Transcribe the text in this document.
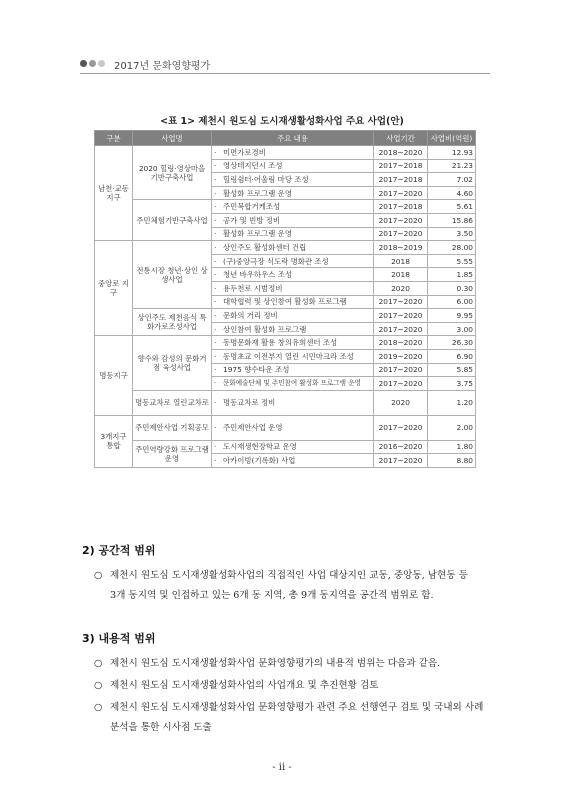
2017년 문화영향평가
<표 1> 제천시 원도심 도시재생활성화사업 주요 사업(안)
구분	사업명	주요 내용	사업기간	사업비(억원)
남천·교동 지구	2020 힐링·영상마을 기반구축사업	· 미면가로경비	2018~2020	12.93
		· 영상테지던시 조성	2017~2018	21.23
		· 힐링쉼터·어울림 마당 조성	2017~2018	7.02
		· 활성화 프로그램 운영	2017~2020	4.60
	주민체험기반구축사업	· 주민복합거케조성	2017~2018	5.61
		· 공가 및 빈방 정비	2017~2020	15.86
		· 활성화 프로그램 운영	2017~2020	3.50
중앙로 지구	전통시장 청년·상인 상생사업	· 상인주도 활성화센터 건립	2018~2019	28.00
		· (구)중앙극장 식도락 명화관 조성	2018	5.55
		· 청년 바우하우스 조성	2018	1.85
		· 용두천로 시범정비	2020	0.30
		· 대학협력 및 상인참여 활성화 프로그램	2017~2020	6.00
	상인주도 제천음식 특화가로조성사업	· 문화의 거리 정비	2017~2020	9.95
		· 상인참여 활성화 프로그램	2017~2020	3.00
명동지구	향수와 감성의 문화거점 육성사업	· 동명문화재 활용 창의유희센터 조성	2018~2020	26.30
		· 동명초교 이전부지 열린 시민마크라 조성	2019~2020	6.90
		· 1975 향수타운 조성	2017~2020	5.85
		· 문화예술단체 및 주민참여 활성화 프로그램 운영	2017~2020	3.75
	명동교차로 열린교차로	· 명동교차로 정비	2020	1.20
3개지구 통합	주민제안사업 기획공모	· 주민제안사업 운영	2017~2020	2.00
	주민역량강화 프로그램 운영	· 도시재생현장학교 운영	2016~2020	1.80
		· 아카이빙(기록화) 사업	2017~2020	8.80
2) 공간적 범위
○ 제천시 원도심 도시재생활성화사업의 직접적인 사업 대상지인 교동, 중앙동, 남현동 등
3개 동지역 및 인접하고 있는 6개 동 지역, 총 9개 동지역을 공간적 범위로 함.
3) 내용적 범위
○ 제천시 원도심 도시재생활성화사업 문화영향평가의 내용적 범위는 다음과 같음.
○ 제천시 원도심 도시재생활성화사업의 사업개요 및 추진현황 검토
○ 제천시 원도심 도시재생활성화사업 문화영향평가 관련 주요 선행연구 검토 및 국내외 사례
분석을 통한 시사점 도출
- ii -
